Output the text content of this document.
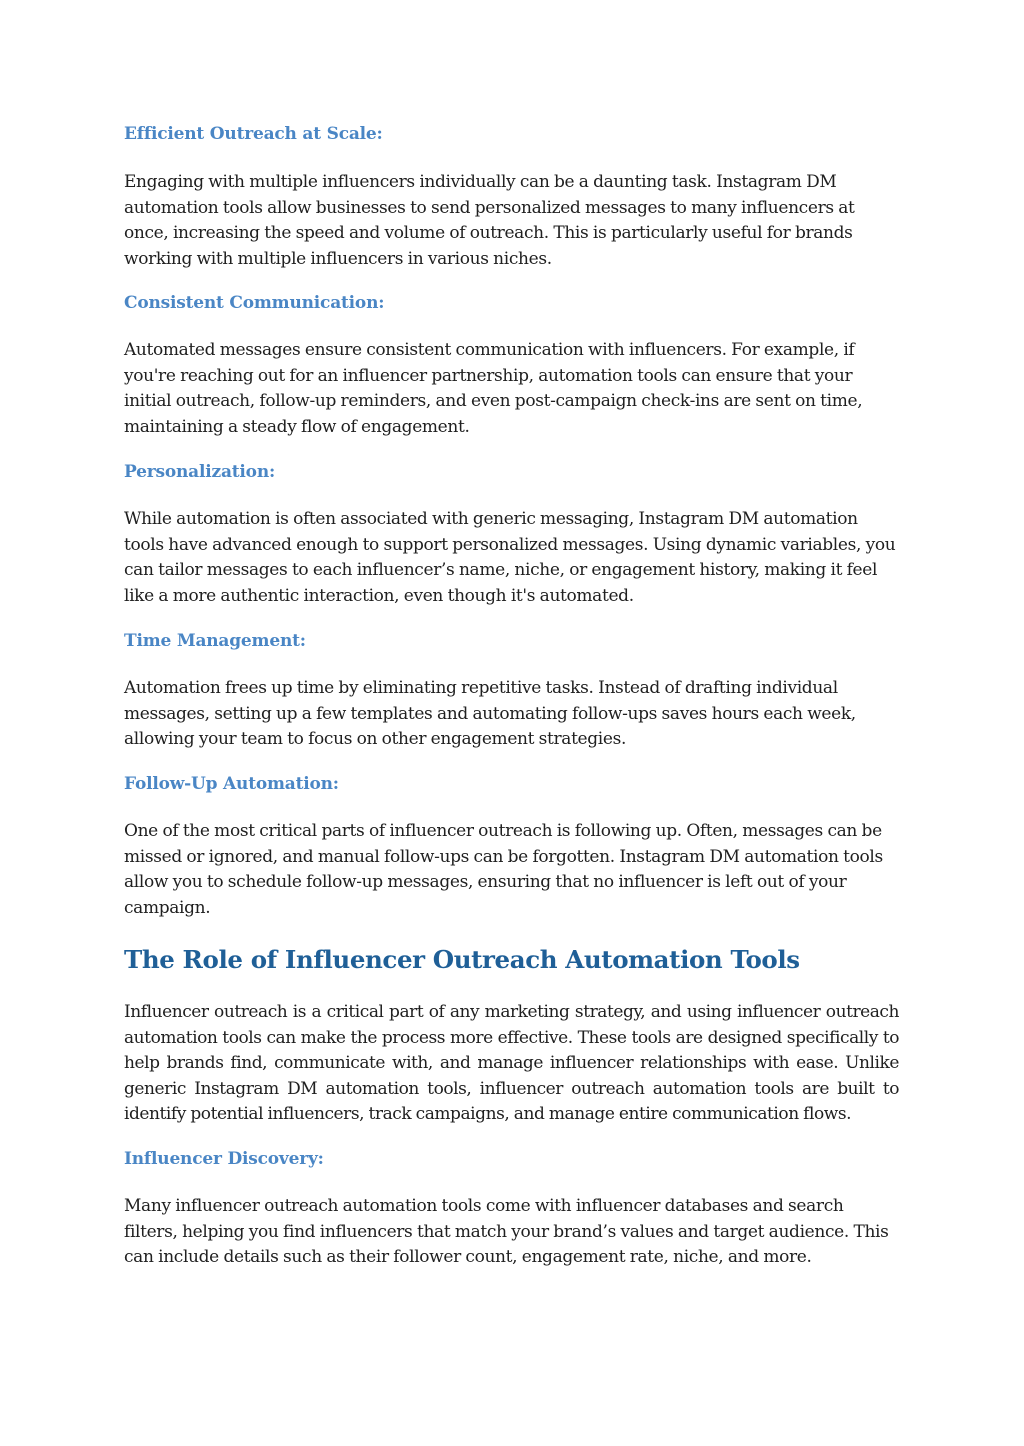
Efficient Outreach at Scale:
Engaging with multiple influencers individually can be a daunting task. Instagram DM automation tools allow businesses to send personalized messages to many influencers at once, increasing the speed and volume of outreach. This is particularly useful for brands working with multiple influencers in various niches.
Consistent Communication:
Automated messages ensure consistent communication with influencers. For example, if you're reaching out for an influencer partnership, automation tools can ensure that your initial outreach, follow-up reminders, and even post-campaign check-ins are sent on time, maintaining a steady flow of engagement.
Personalization:
While automation is often associated with generic messaging, Instagram DM automation tools have advanced enough to support personalized messages. Using dynamic variables, you can tailor messages to each influencer’s name, niche, or engagement history, making it feel like a more authentic interaction, even though it's automated.
Time Management:
Automation frees up time by eliminating repetitive tasks. Instead of drafting individual messages, setting up a few templates and automating follow-ups saves hours each week, allowing your team to focus on other engagement strategies.
Follow-Up Automation:
One of the most critical parts of influencer outreach is following up. Often, messages can be missed or ignored, and manual follow-ups can be forgotten. Instagram DM automation tools allow you to schedule follow-up messages, ensuring that no influencer is left out of your campaign.
The Role of Influencer Outreach Automation Tools
Influencer outreach is a critical part of any marketing strategy, and using influencer outreach automation tools can make the process more effective. These tools are designed specifically to help brands find, communicate with, and manage influencer relationships with ease. Unlike generic Instagram DM automation tools, influencer outreach automation tools are built to identify potential influencers, track campaigns, and manage entire communication flows.
Influencer Discovery:
Many influencer outreach automation tools come with influencer databases and search filters, helping you find influencers that match your brand’s values and target audience. This can include details such as their follower count, engagement rate, niche, and more.
